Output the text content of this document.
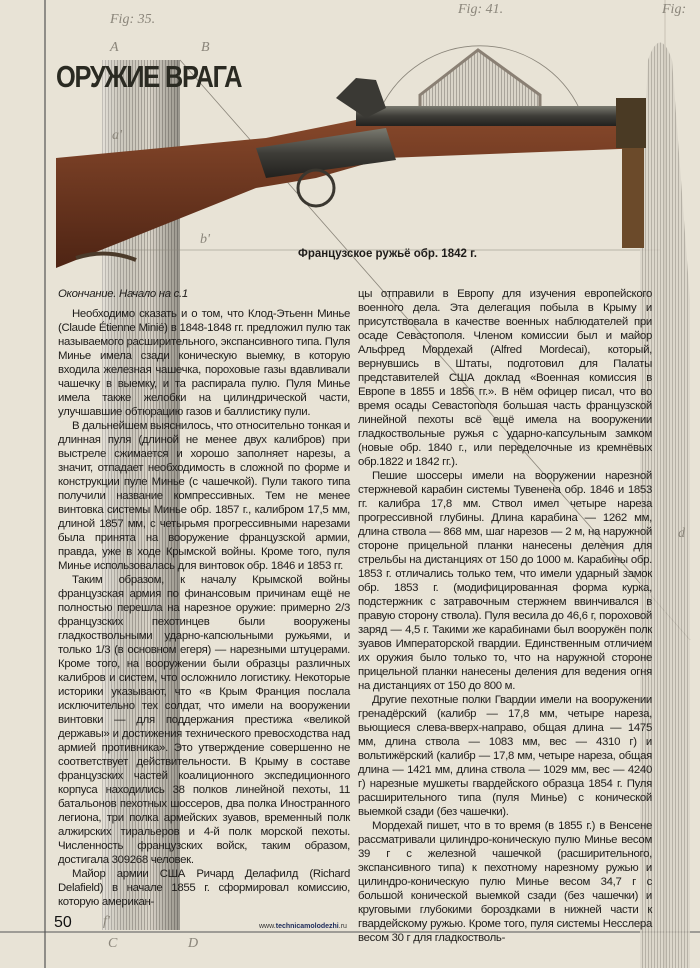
Fig: 35.
Fig: 41.	Fig:
A	B
a'
b'
f'
C	D
d
ОРУЖИЕ ВРАГА
Французское ружьё обр. 1842 г.

Окончание. Начало на с.1

Необходимо сказать и о том, что Клод-Этьенн Минье (Claude Étienne Minié) в 1848-1848 гг. предложил пулю так называемого расширительного, экспансивного типа. Пуля Минье имела сзади коническую выемку, в которую входила железная чашечка, пороховые газы вдавливали чашечку в выемку, и та распирала пулю. Пуля Минье имела также желобки на цилиндрической части, улучшавшие обтюрацию газов и баллистику пули.

В дальнейшем выяснилось, что относительно тонкая и длинная пуля (длиной не менее двух калибров) при выстреле сжимается и хорошо заполняет нарезы, а значит, отпадает необходимость в сложной по форме и конструкции пуле Минье (с чашечкой). Пули такого типа получили название компрессивных. Тем не менее винтовка системы Минье обр. 1857 г., калибром 17,5 мм, длиной 1857 мм, с четырьмя прогрессивными нарезами была принята на вооружение французской армии, правда, уже в ходе Крымской войны. Кроме того, пуля Минье использовалась для винтовок обр. 1846 и 1853 гг.

Таким образом, к началу Крымской войны французская армия по финансовым причинам ещё не полностью перешла на нарезное оружие: примерно 2/3 французских пехотинцев были вооружены гладкоствольными ударно-капсюльными ружьями, и только 1/3 (в основном егеря) — нарезными штуцерами. Кроме того, на вооружении были образцы различных калибров и систем, что осложнило логистику. Некоторые историки указывают, что «в Крым Франция послала исключительно тех солдат, что имели на вооружении винтовки — для поддержания престижа «великой державы» и достижения технического превосходства над армией противника». Это утверждение совершенно не соответствует действительности. В Крыму в составе французских частей коалиционного экспедиционного корпуса находились 38 полков линейной пехоты, 11 батальонов пехотных шоссеров, два полка Иностранного легиона, три полка армейских зуавов, временный полк алжирских тиральеров и 4-й полк морской пехоты. Численность французских войск, таким образом, достигала 309268 человек.

Майор армии США Ричард Делафилд (Richard Delafield) в начале 1855 г. сформировал комиссию, которую американ-

цы отправили в Европу для изучения европейского военного дела. Эта делегация побыла в Крыму и присутствовала в качестве военных наблюдателей при осаде Севастополя. Членом комиссии был и майор Альфред Мордехай (Alfred Mordecai), который, вернувшись в Штаты, подготовил для Палаты представителей США доклад «Военная комиссия в Европе в 1855 и 1856 гг.». В нём офицер писал, что во время осады Севастополя большая часть французской линейной пехоты всё ещё имела на вооружении гладкоствольные ружья с ударно-капсульным замком (новые обр. 1840 г., или переделочные из кремнёвых обр.1822 и 1842 гг.).

Пешие шоссеры имели на вооружении нарезной стержневой карабин системы Тувенена обр. 1846 и 1853 гг. калибра 17,8 мм. Ствол имел четыре нареза прогрессивной глубины. Длина карабина — 1262 мм, длина ствола — 868 мм, шаг нарезов — 2 м, на наружной стороне прицельной планки нанесены деления для стрельбы на дистанциях от 150 до 1000 м. Карабины обр. 1853 г. отличались только тем, что имели ударный замок обр. 1853 г. (модифицированная форма курка, подстержник с затравочным стержнем ввинчивался в правую сторону ствола). Пуля весила до 46,6 г, пороховой заряд — 4,5 г. Такими же карабинами был вооружён полк зуавов Императорской гвардии. Единственным отличием их оружия было только то, что на наружной стороне прицельной планки нанесены деления для ведения огня на дистанциях от 150 до 800 м.

Другие пехотные полки Гвардии имели на вооружении гренадёрский (калибр — 17,8 мм, четыре нареза, вьющиеся слева-вверх-направо, общая длина — 1475 мм, длина ствола — 1083 мм, вес — 4310 г) и вольтижёрский (калибр — 17,8 мм, четыре нареза, общая длина — 1421 мм, длина ствола — 1029 мм, вес — 4240 г) нарезные мушкеты гвардейского образца 1854 г. Пуля расширительного типа (пуля Минье) с конической выемкой сзади (без чашечки).

Мордехай пишет, что в то время (в 1855 г.) в Венсене рассматривали цилиндро-коническую пулю Минье весом 39 г с железной чашечкой (расширительного, экспансивного типа) к пехотному нарезному ружью и цилиндро-коническую пулю Минье весом 34,7 г с большой конической выемкой сзади (без чашечки) и круговыми глубокими бороздками в нижней части к гвардейскому ружью. Кроме того, пуля системы Несслера весом 30 г для гладкостволь-

50	www.technicamolodezhi.ru
